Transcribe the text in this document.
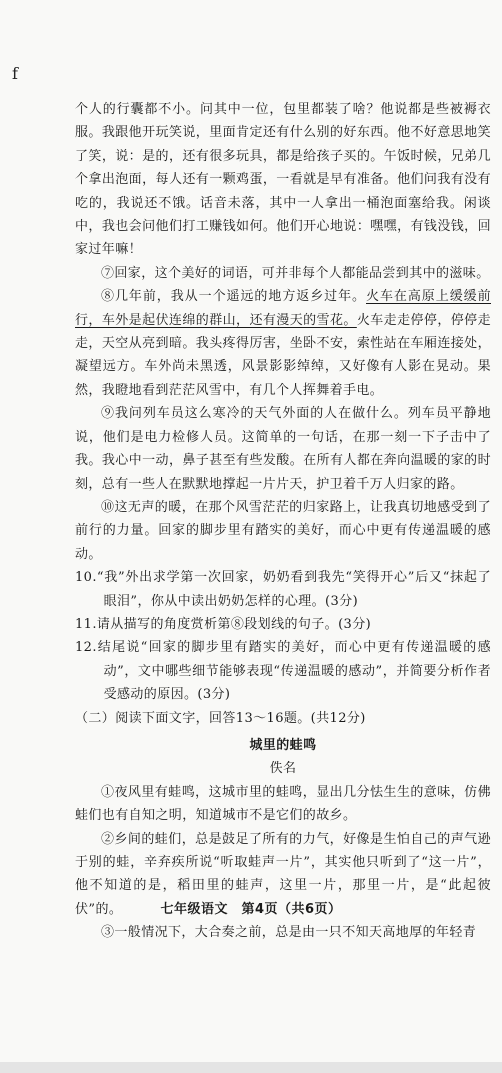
f

个人的行囊都不小。问其中一位，包里都装了啥？他说都是些被褥衣服。我跟他开玩笑说，里面肯定还有什么别的好东西。他不好意思地笑了笑，说：是的，还有很多玩具，都是给孩子买的。午饭时候，兄弟几个拿出泡面，每人还有一颗鸡蛋，一看就是早有准备。他们问我有没有吃的，我说还不饿。话音未落，其中一人拿出一桶泡面塞给我。闲谈中，我也会问他们打工赚钱如何。他们开心地说：嘿嘿，有钱没钱，回家过年嘛！

⑦回家，这个美好的词语，可并非每个人都能品尝到其中的滋味。

⑧几年前，我从一个遥远的地方返乡过年。火车在高原上缓缓前行，车外是起伏连绵的群山，还有漫天的雪花。火车走走停停，停停走走，天空从亮到暗。我头疼得厉害，坐卧不安，索性站在车厢连接处，凝望远方。车外尚未黑透，风景影影绰绰，又好像有人影在晃动。果然，我瞪地看到茫茫风雪中，有几个人挥舞着手电。

⑨我问列车员这么寒冷的天气外面的人在做什么。列车员平静地说，他们是电力检修人员。这简单的一句话，在那一刻一下子击中了我。我心中一动，鼻子甚至有些发酸。在所有人都在奔向温暖的家的时刻，总有一些人在默默地撑起一片片天，护卫着千万人归家的路。

⑩这无声的暖，在那个风雪茫茫的归家路上，让我真切地感受到了前行的力量。回家的脚步里有踏实的美好，而心中更有传递温暖的感动。

10.“我”外出求学第一次回家，奶奶看到我先“笑得开心”后又“抹起了眼泪”，你从中读出奶奶怎样的心理。(3分)

11.请从描写的角度赏析第⑧段划线的句子。(3分)

12.结尾说“回家的脚步里有踏实的美好，而心中更有传递温暖的感动”，文中哪些细节能够表现“传递温暖的感动”，并简要分析作者受感动的原因。(3分)

（二）阅读下面文字，回答13～16题。(共12分)

城里的蛙鸣

佚名

①夜风里有蛙鸣，这城市里的蛙鸣，显出几分怯生生的意味，仿佛蛙们也有自知之明，知道城市不是它们的故乡。

②乡间的蛙们，总是鼓足了所有的力气，好像是生怕自己的声气逊于别的蛙，辛弃疾所说“听取蛙声一片”，其实他只听到了“这一片”，他不知道的是，稻田里的蛙声，这里一片，那里一片，是“此起彼伏”的。

③一般情况下，大合奏之前，总是由一只不知天高地厚的年轻青

七年级语文　第4页（共6页）
